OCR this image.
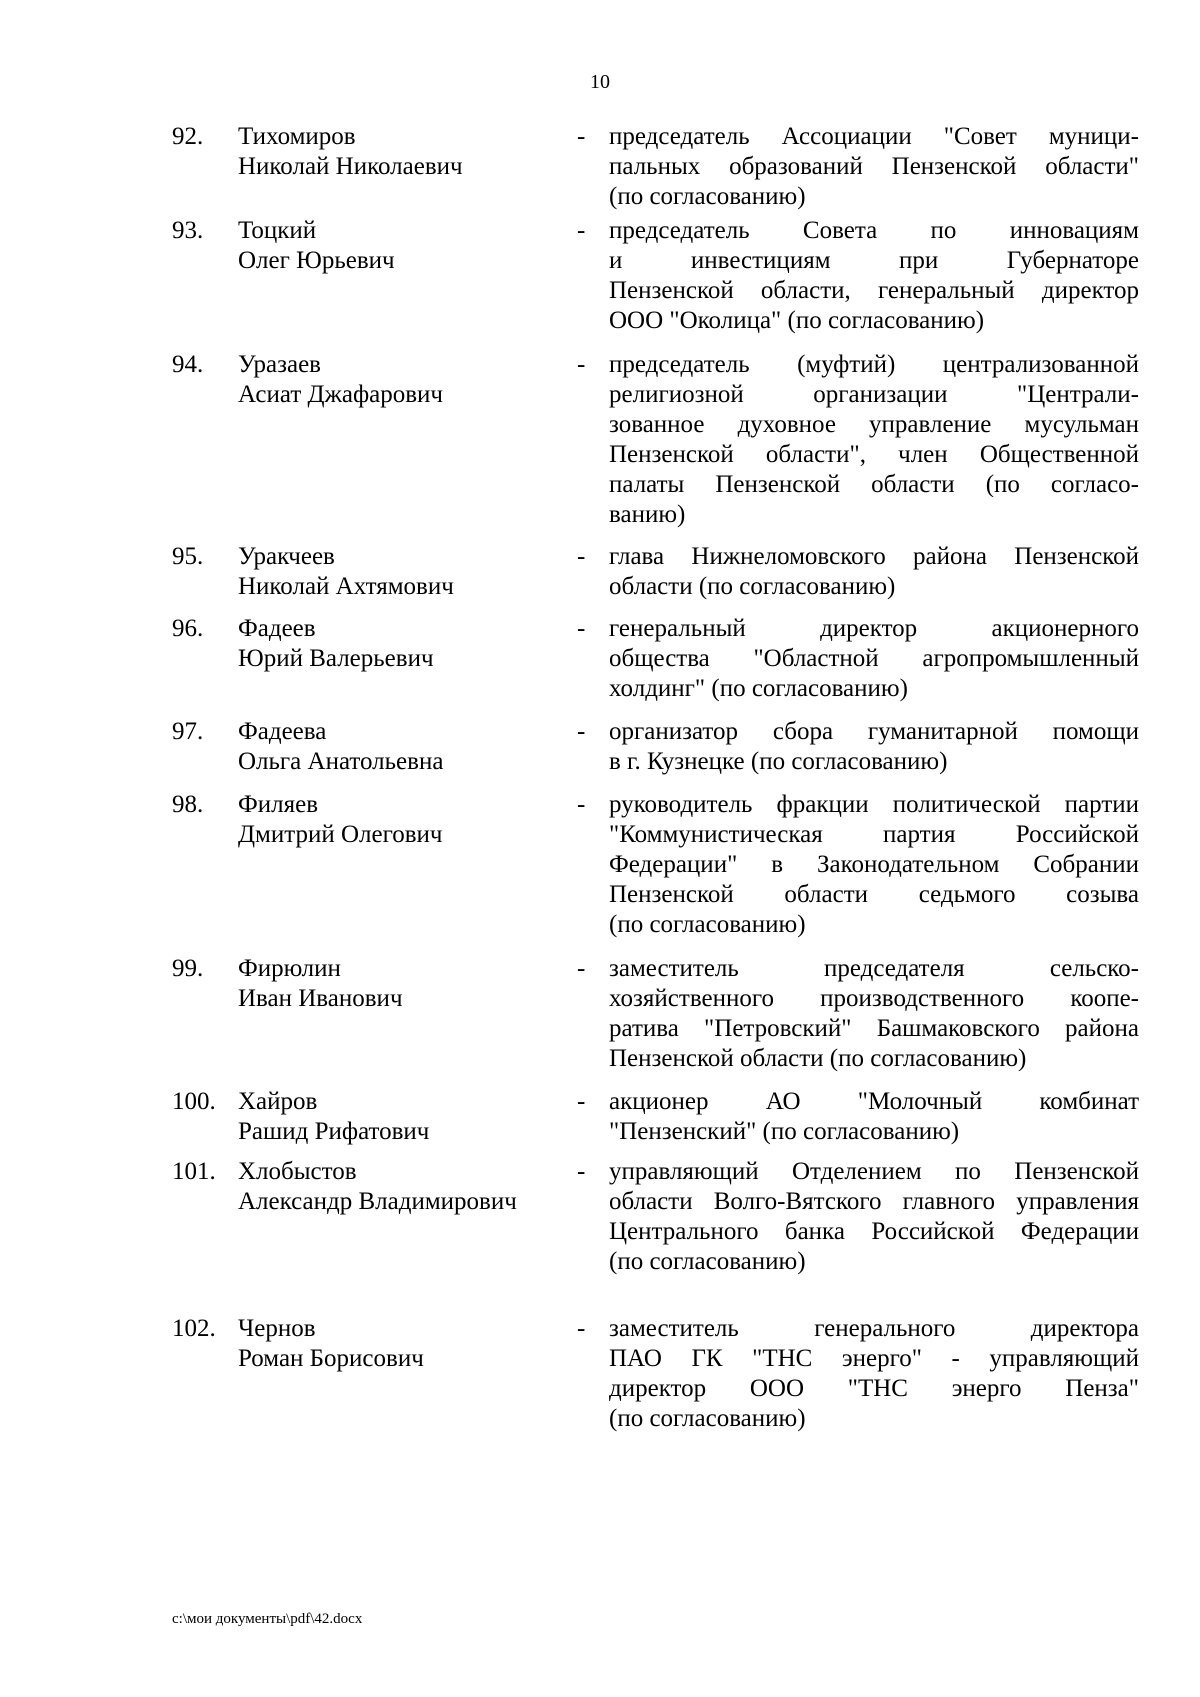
10
92. Тихомиров
Николай Николаевич
- председатель Ассоциации "Совет муници-
пальных образований Пензенской области"
(по согласованию)
93. Тоцкий
Олег Юрьевич
- председатель Совета по инновациям
и инвестициям при Губернаторе
Пензенской области, генеральный директор
ООО "Околица" (по согласованию)
94. Уразаев
Асиат Джафарович
- председатель (муфтий) централизованной
религиозной организации "Централи-
зованное духовное управление мусульман
Пензенской области", член Общественной
палаты Пензенской области (по согласо-
ванию)
95. Уракчеев
Николай Ахтямович
- глава Нижнеломовского района Пензенской
области (по согласованию)
96. Фадеев
Юрий Валерьевич
- генеральный директор акционерного
общества "Областной агропромышленный
холдинг" (по согласованию)
97. Фадеева
Ольга Анатольевна
- организатор сбора гуманитарной помощи
в г. Кузнецке (по согласованию)
98. Филяев
Дмитрий Олегович
- руководитель фракции политической партии
"Коммунистическая партия Российской
Федерации" в Законодательном Собрании
Пензенской области седьмого созыва
(по согласованию)
99. Фирюлин
Иван Иванович
- заместитель председателя сельско-
хозяйственного производственного коопе-
ратива "Петровский" Башмаковского района
Пензенской области (по согласованию)
100. Хайров
Рашид Рифатович
- акционер АО "Молочный комбинат
"Пензенский" (по согласованию)
101. Хлобыстов
Александр Владимирович
- управляющий Отделением по Пензенской
области Волго-Вятского главного управления
Центрального банка Российской Федерации
(по согласованию)
102. Чернов
Роман Борисович
- заместитель генерального директора
ПАО ГК "ТНС энерго" - управляющий
директор ООО "ТНС энерго Пенза"
(по согласованию)
c:\мои документы\pdf\42.docx
